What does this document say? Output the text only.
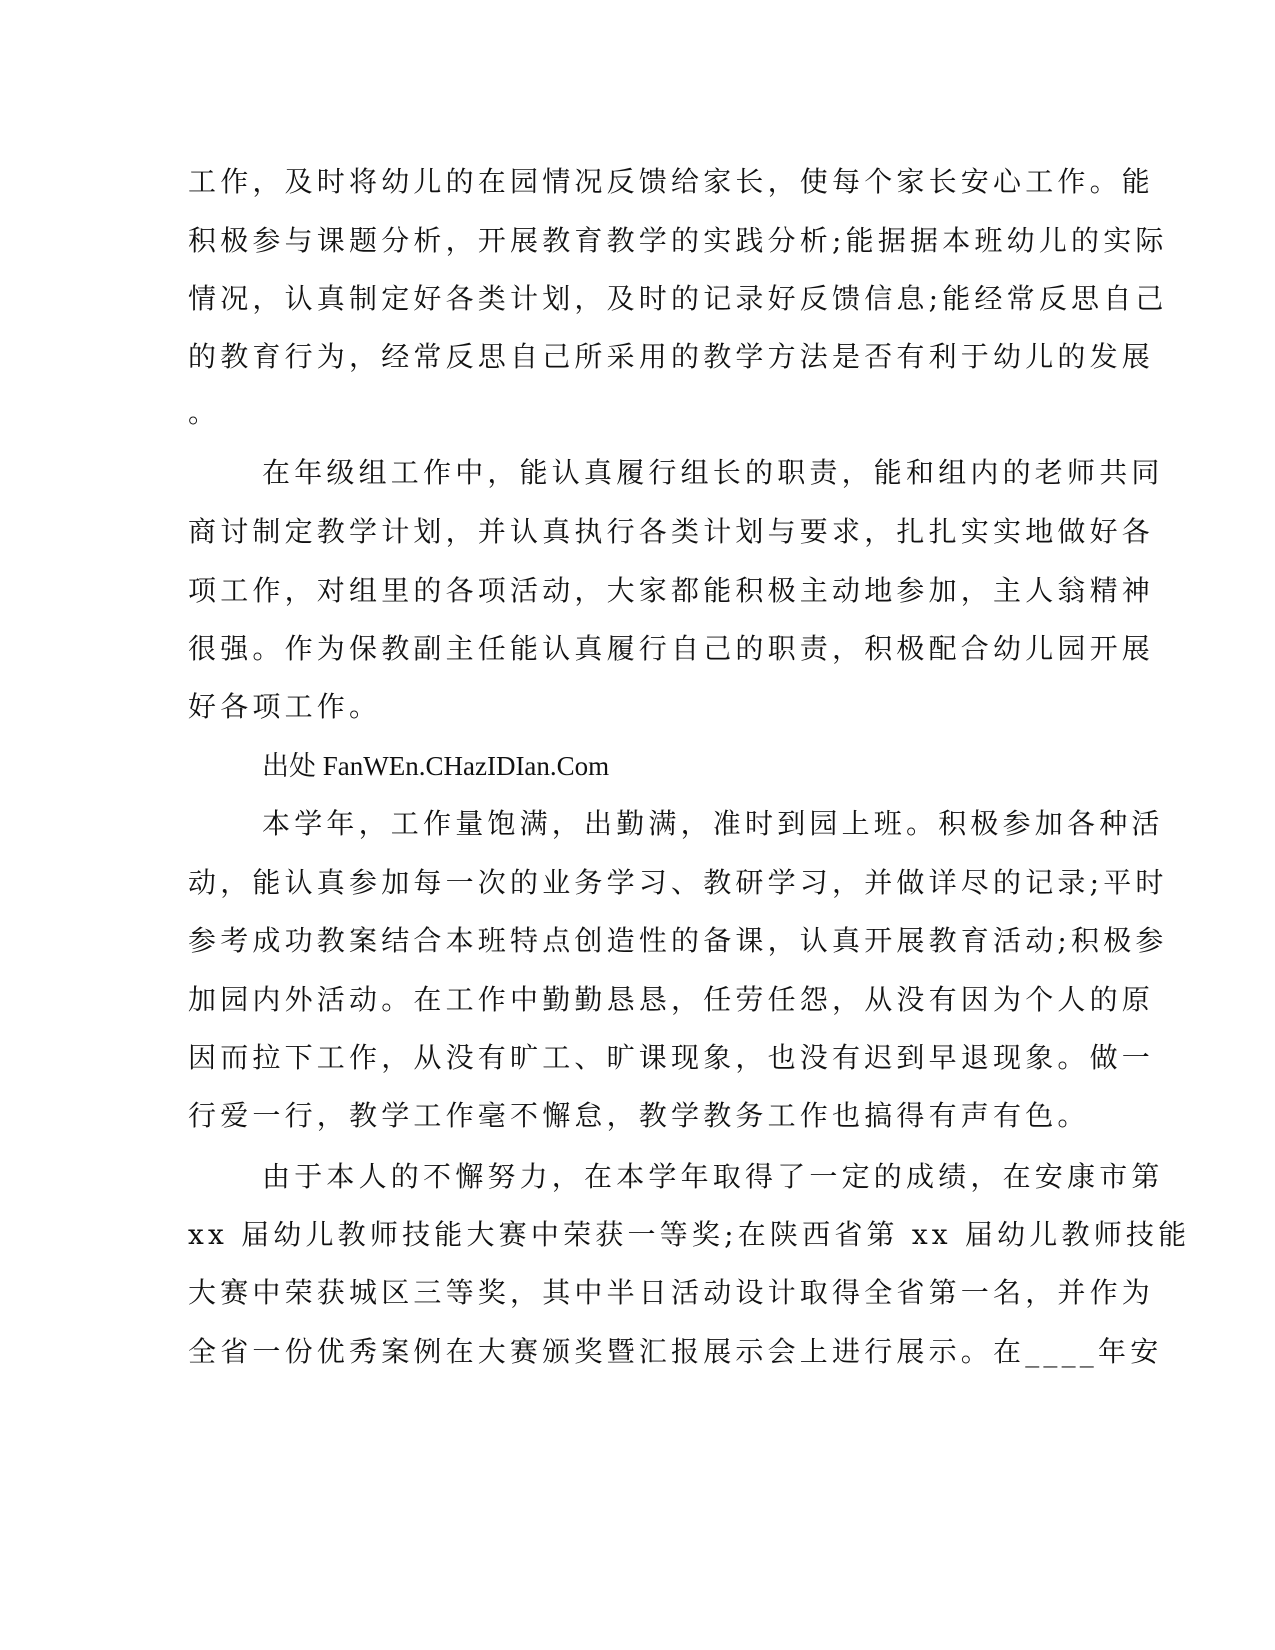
工作，及时将幼儿的在园情况反馈给家长，使每个家长安心工作。能
积极参与课题分析，开展教育教学的实践分析;能据据本班幼儿的实际
情况，认真制定好各类计划，及时的记录好反馈信息;能经常反思自己
的教育行为，经常反思自己所采用的教学方法是否有利于幼儿的发展
。
在年级组工作中，能认真履行组长的职责，能和组内的老师共同
商讨制定教学计划，并认真执行各类计划与要求，扎扎实实地做好各
项工作，对组里的各项活动，大家都能积极主动地参加，主人翁精神
很强。作为保教副主任能认真履行自己的职责，积极配合幼儿园开展
好各项工作。
出处 FanWEn.CHazIDIan.Com
本学年，工作量饱满，出勤满，准时到园上班。积极参加各种活
动，能认真参加每一次的业务学习、教研学习，并做详尽的记录;平时
参考成功教案结合本班特点创造性的备课，认真开展教育活动;积极参
加园内外活动。在工作中勤勤恳恳，任劳任怨，从没有因为个人的原
因而拉下工作，从没有旷工、旷课现象，也没有迟到早退现象。做一
行爱一行，教学工作毫不懈怠，教学教务工作也搞得有声有色。
由于本人的不懈努力，在本学年取得了一定的成绩，在安康市第
xx 届幼儿教师技能大赛中荣获一等奖;在陕西省第 xx 届幼儿教师技能
大赛中荣获城区三等奖，其中半日活动设计取得全省第一名，并作为
全省一份优秀案例在大赛颁奖暨汇报展示会上进行展示。在____年安
